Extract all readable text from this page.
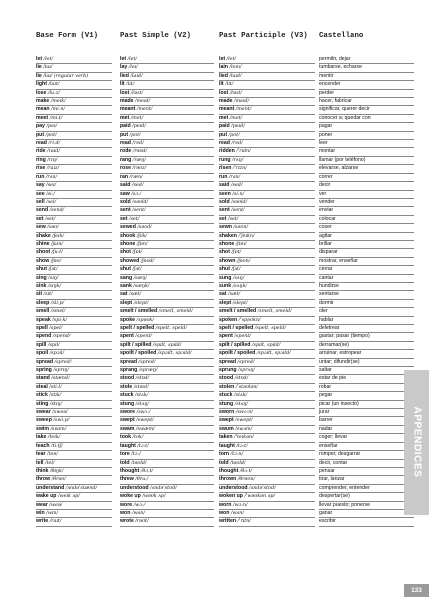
Base Form (V1)	Past Simple (V2)	Past Participle (V3) Castellano
let /let/
lie /laɪ/
lie /laɪ/ (regular verb)
light /laɪt/
lose /luːz/
make /meɪk/
mean /miːn/
meet /miːt/
pay /peɪ/
put /pʊt/
read /riːd/
ride /raɪd/
ring /rɪŋ/
rise /raɪz/
run /rʌn/
say /seɪ/
see /siː/
sell /sel/
send /send/
set /set/
sew /səʊ/
shake /ʃeɪk/
shine /ʃaɪn/
shoot /ʃuːt/
show /ʃəʊ/
shut /ʃʌt/
sing /sɪŋ/
sink /sɪŋk/
sit /sɪt/
sleep /sliːp/
smell /smel/
speak /spiːk/
spell /spel/
spend /spend/
spill /spɪl/
spoil /spɔɪl/
spread /spred/
spring /sprɪŋ/
stand /stænd/
steal /stiːl/
stick /stɪk/
sting /stɪŋ/
swear /sweə/
sweep /swiːp/
swim /swɪm/
take /teɪk/
teach /tiːtʃ/
tear /teə/
tell /tel/
think /θɪŋk/
throw /θrəʊ/
understand /ʌndəˈstænd/
wake up /weɪk ʌp/
wear /weə/
win /wɪn/
write /raɪt/
let /let/
lay /leɪ/
lied /laɪd/
lit /lɪt/
lost /lɒst/
made /meɪd/
meant /ment/
met /met/
paid /peɪd/
put /pʊt/
read /red/
rode /rəʊd/
rang /ræŋ/
rose /rəʊz/
ran /ræn/
said /sed/
saw /sɔː/
sold /səʊld/
sent /sent/
set /set/
sewed /səʊd/
shook /ʃʊk/
shone /ʃɒn/
shot /ʃɒt/
showed /ʃəʊd/
shut /ʃʌt/
sang /sæŋ/
sank /sæŋk/
sat /sæt/
slept /slept/
smelt / smelled /smelt, smeld/
spoke /spəʊk/
spelt / spelled /spelt, speld/
spent /spent/
spilt / spilled /spɪlt, spɪld/
spoilt / spoiled /spɔɪlt, spɔɪld/
spread /spred/
sprang /spræŋ/
stood /stʊd/
stole /stəʊl/
stuck /stʌk/
stung /stʌŋ/
swore /swɔː/
swept /swept/
swam /swæm/
took /tʊk/
taught /tɔːt/
tore /tɔː/
told /təʊld/
thought /θɔːt/
threw /θruː/
understood /ʌndəˈstʊd/
woke up /wəʊk ʌp/
wore /wɔː/
won /wʌn/
wrote /rəʊt/
let /let/
lain /leɪn/
lied /laɪd/
lit /lɪt/
lost /lɒst/
made /meɪd/
meant /ment/
met /met/
paid /peɪd/
put /pʊt/
read /red/
ridden /ˈrɪdn/
rung /rʌŋ/
risen /ˈrɪzn/
run /rʌn/
said /sed/
seen /siːn/
sold /səʊld/
sent /sent/
set /set/
sewn /səʊn/
shaken /ˈʃeɪkn/
shone /ʃɒn/
shot /ʃɒt/
shown /ʃəʊn/
shut /ʃʌt/
sung /sʌŋ/
sunk /sʌŋk/
sat /sæt/
slept /slept/
smelt / smelled /smelt, smeld/
spoken /ˈspəʊkn/
spelt / spelled /spelt, speld/
spent /spent/
spilt / spilled /spɪlt, spɪld/
spoilt / spoiled /spɔɪlt, spɔɪld/
spread /spred/
sprung /sprʌŋ/
stood /stʊd/
stolen /ˈstəʊlən/
stuck /stʌk/
stung /stʌŋ/
sworn /swɔːn/
swept /swept/
swum /swʌm/
taken /ˈteɪkən/
taught /tɔːt/
torn /tɔːn/
told /təʊld/
thought /θɔːt/
thrown /θrəʊn/
understood /ʌndəˈstʊd/
woken up /ˈwəʊkən ʌp/
worn /wɔːn/
won /wʌn/
written /ˈrɪtn/
permitir, dejar
tumbarse, echarse
mentir
encender
perder
hacer, fabricar
significar, querer decir
conocer a; quedar con
pagar
poner
leer
montar
llamar (por teléfono)
elevarse, alzarse
correr
decir
ver
vender
enviar
colocar
coser
agitar
brillar
disparar
mostrar, enseñar
cerrar
cantar
hundirse
sentarse
dormir
oler
hablar
deletrear
gastar; pasar (tiempo)
derramar(se)
arruinar, estropear
untar; difundir(se)
saltar
estar de pie
robar
pegar
picar (un insecto)
jurar
barrer
nadar
coger; llevar
enseñar
romper, desgarrar
decir, contar
pensar
tirar, lanzar
comprender, entender
despertar(se)
llevar puesto; ponerse
ganar
escribir
APPENDICES
133
